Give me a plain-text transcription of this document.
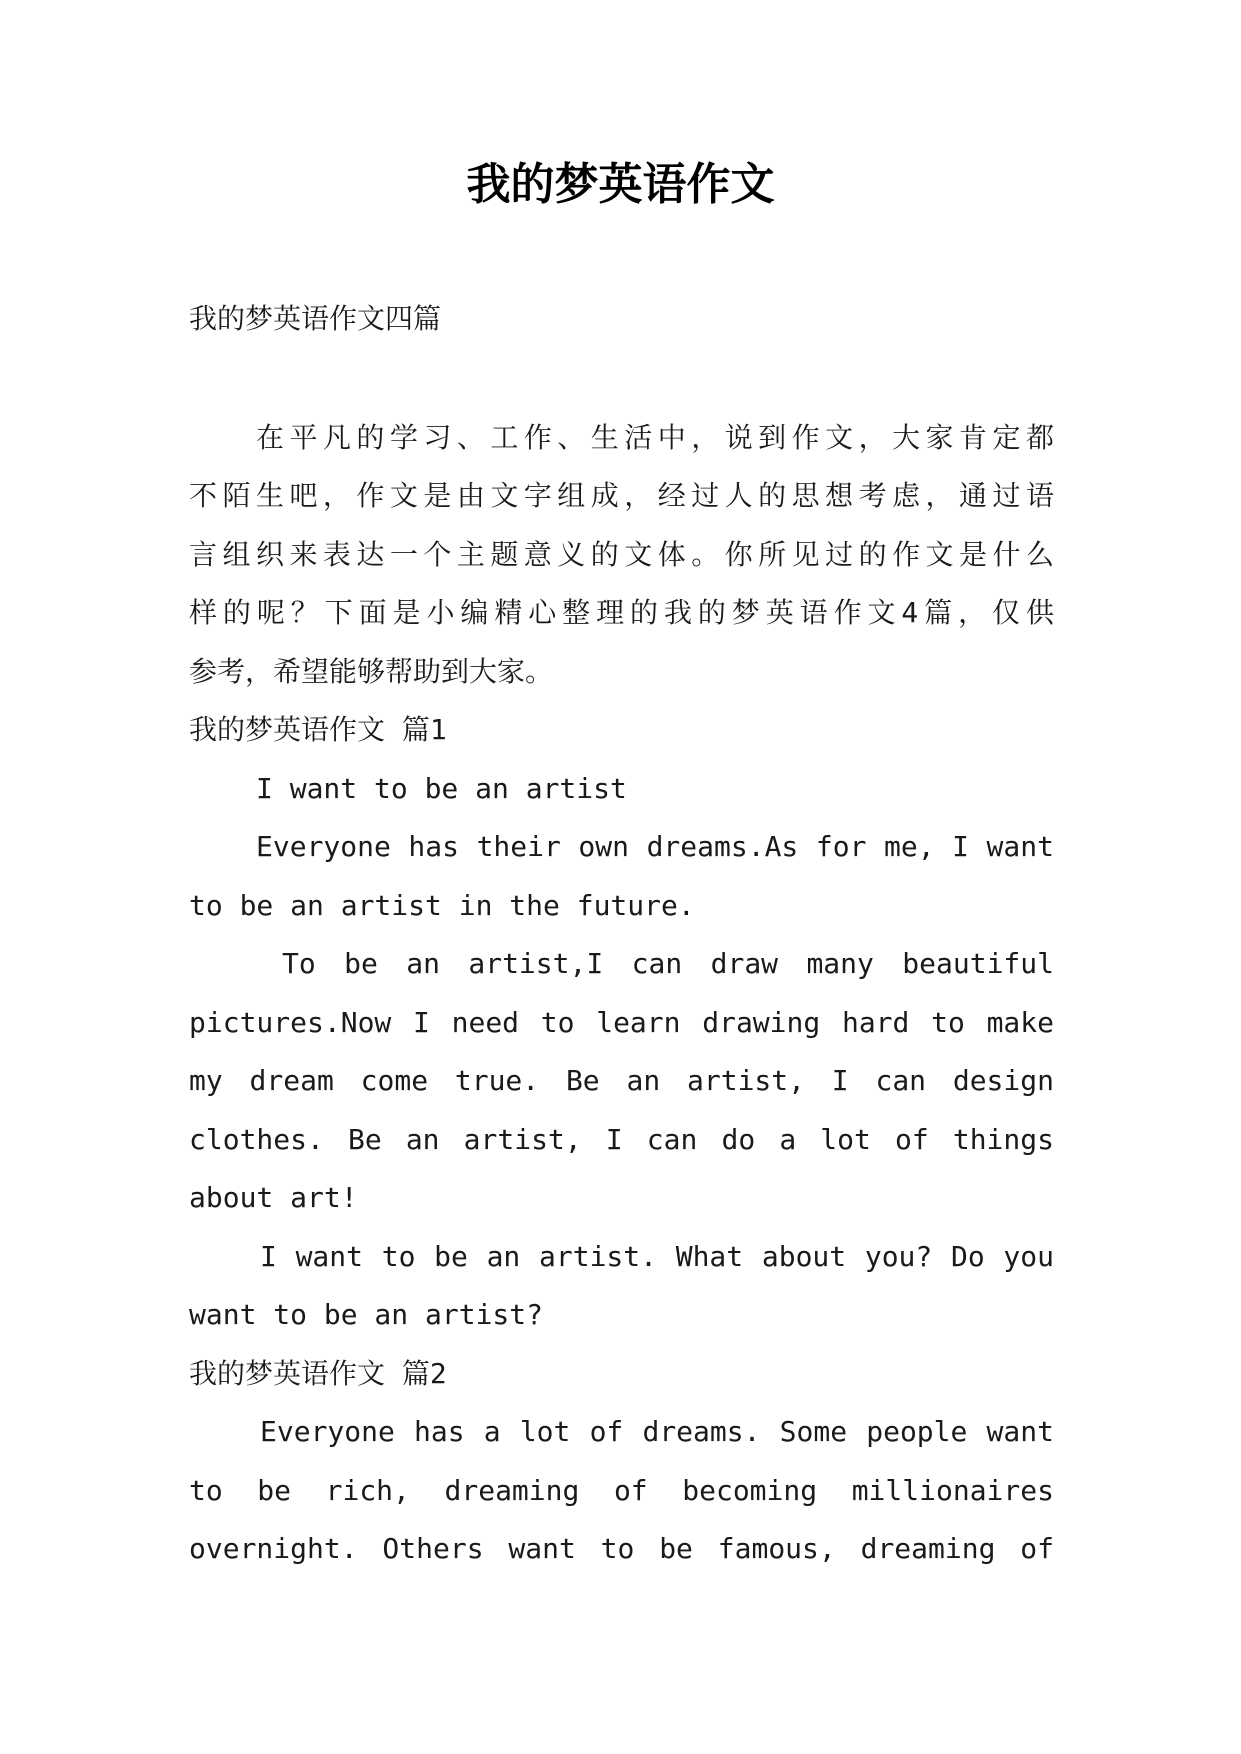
我的梦英语作文
我的梦英语作文四篇
在平凡的学习、工作、生活中，说到作文，大家肯定都
不陌生吧，作文是由文字组成，经过人的思想考虑，通过语
言组织来表达一个主题意义的文体。你所见过的作文是什么
样的呢？下面是小编精心整理的我的梦英语作文4篇，仅供
参考，希望能够帮助到大家。
我的梦英语作文 篇1
I want to be an artist
Everyone has their own dreams.As for me, I want
to be an artist in the future.
To be an artist,I can draw many beautiful
pictures.Now I need to learn drawing hard to make
my dream come true. Be an artist, I can design
clothes. Be an artist, I can do a lot of things
about art!
I want to be an artist. What about you? Do you
want to be an artist?
我的梦英语作文 篇2
Everyone has a lot of dreams. Some people want
to be rich, dreaming of becoming millionaires
overnight. Others want to be famous, dreaming of
